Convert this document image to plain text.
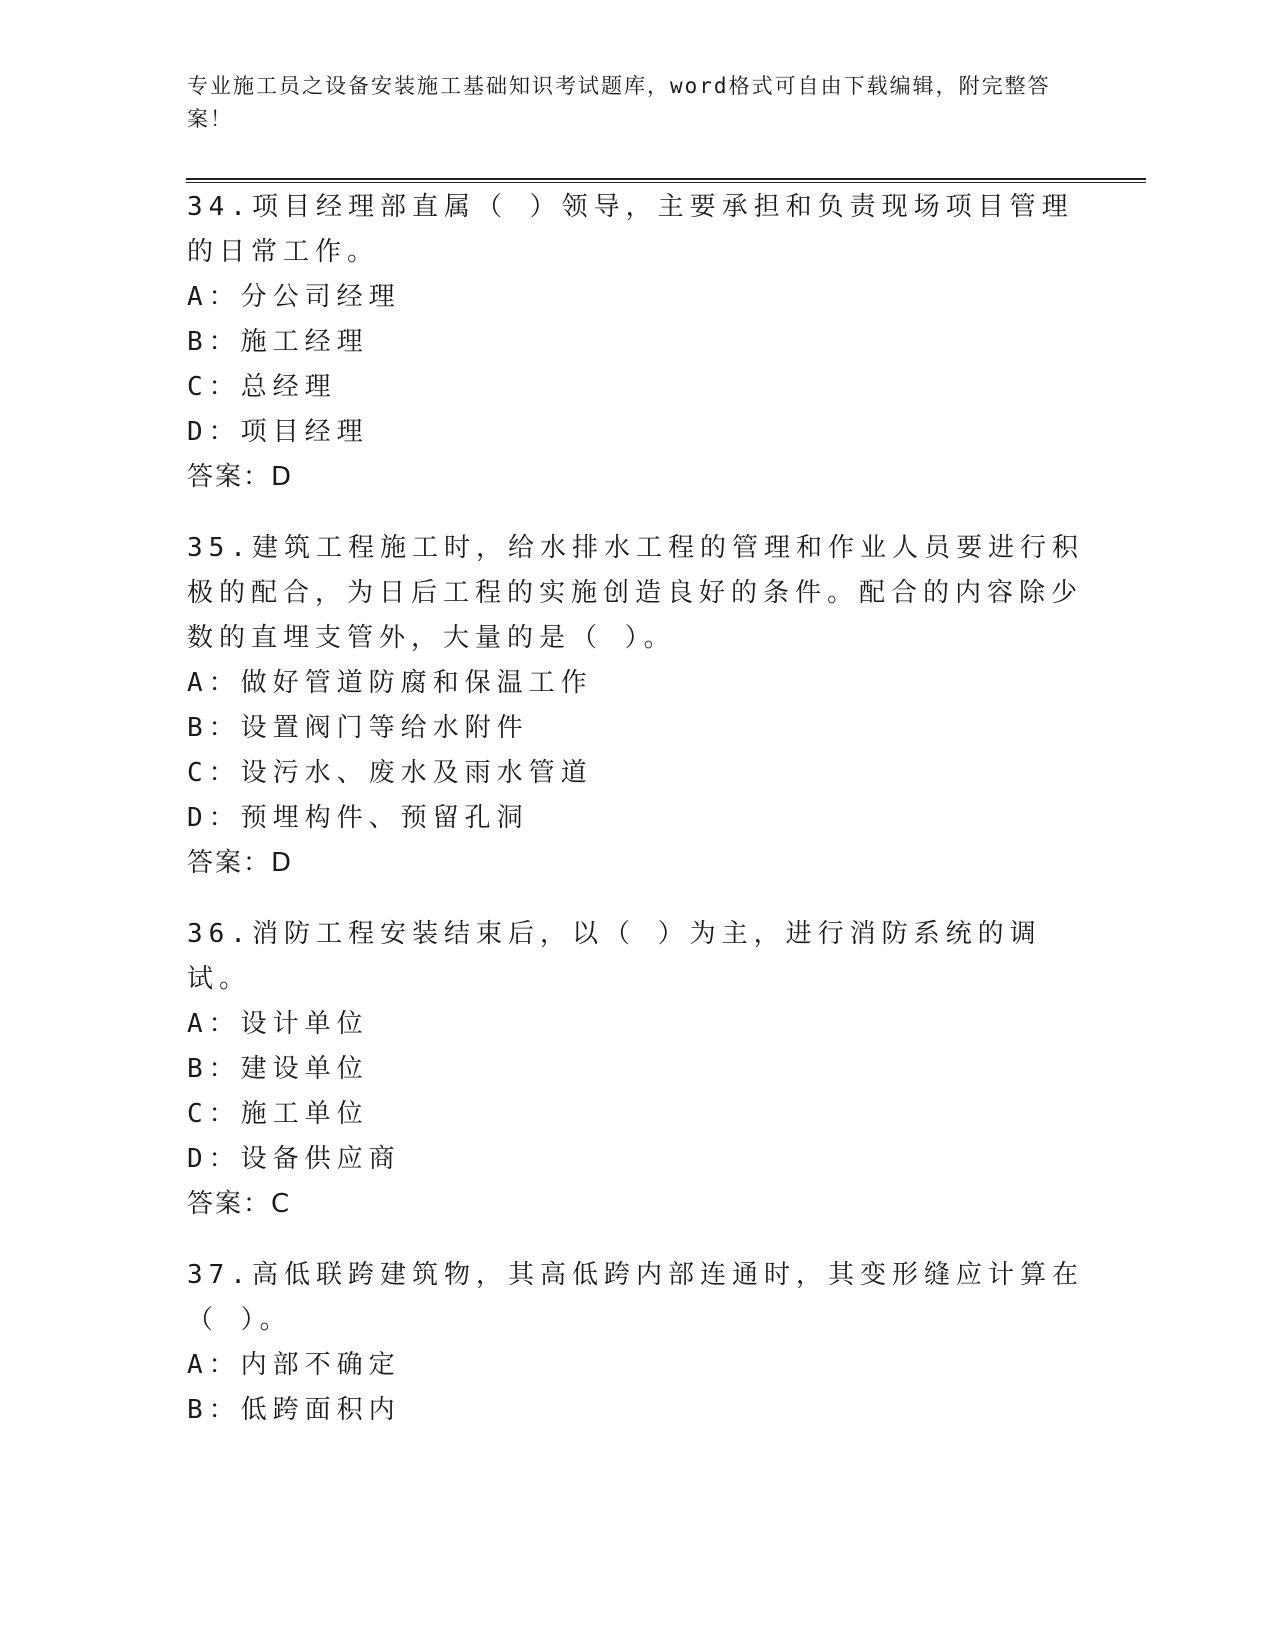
专业施工员之设备安装施工基础知识考试题库，word格式可自由下载编辑，附完整答案！
34.项目经理部直属（ ）领导，主要承担和负责现场项目管理的日常工作。
A：分公司经理
B：施工经理
C：总经理
D：项目经理
答案：D
35.建筑工程施工时，给水排水工程的管理和作业人员要进行积极的配合，为日后工程的实施创造良好的条件。配合的内容除少数的直埋支管外，大量的是（ ）。
A：做好管道防腐和保温工作
B：设置阀门等给水附件
C：设污水、废水及雨水管道
D：预埋构件、预留孔洞
答案：D
36.消防工程安装结束后，以（ ）为主，进行消防系统的调试。
A：设计单位
B：建设单位
C：施工单位
D：设备供应商
答案：C
37.高低联跨建筑物，其高低跨内部连通时，其变形缝应计算在（ ）。
A：内部不确定
B：低跨面积内
